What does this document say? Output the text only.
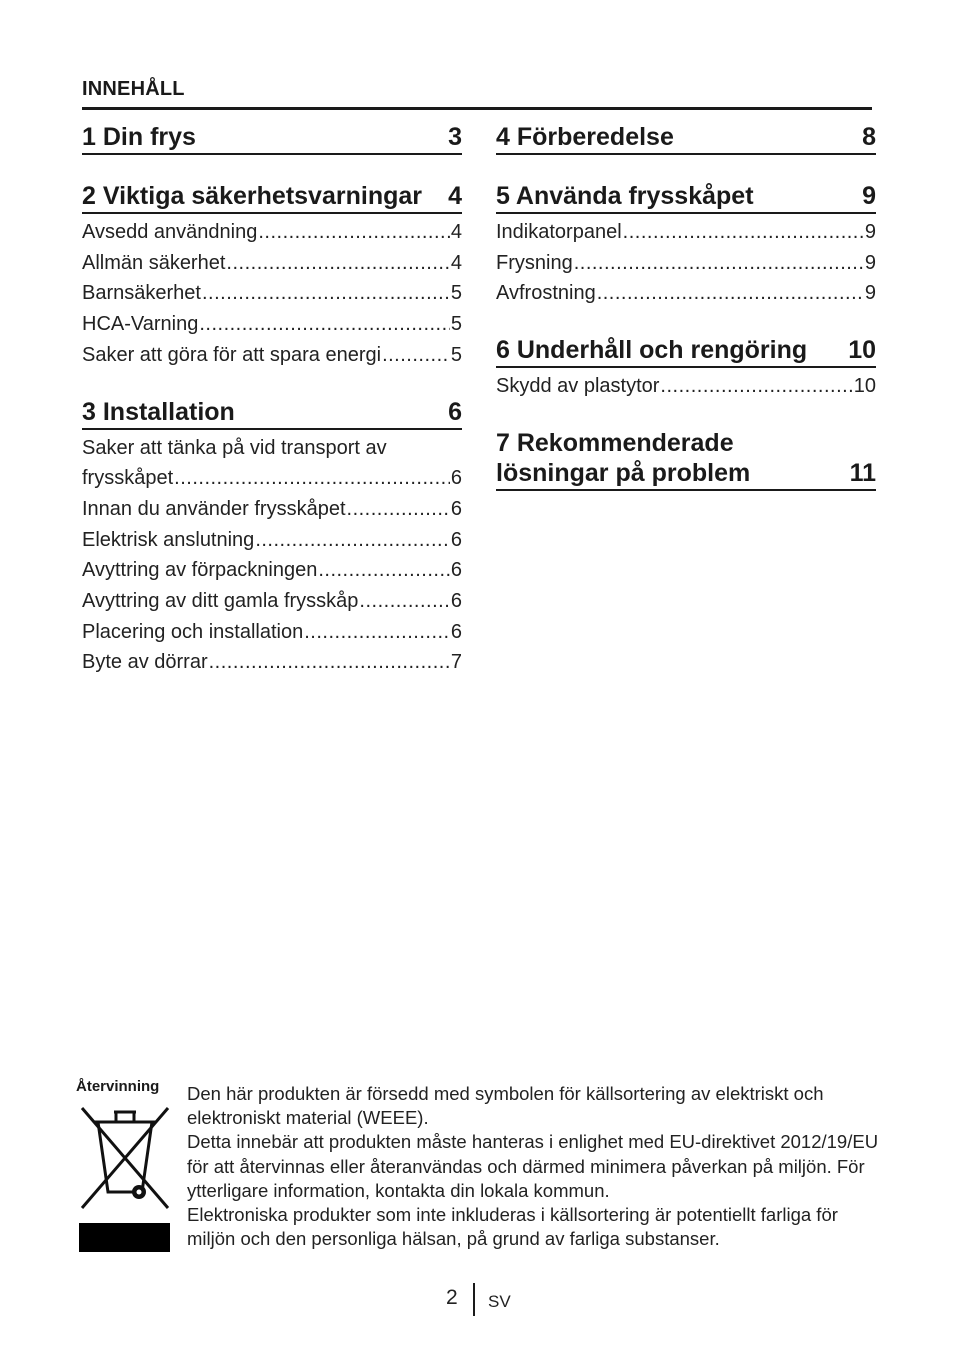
INNEHÅLL
1 Din frys	3
2 Viktiga säkerhetsvarningar	4
Avsedd användning .....	4
Allmän säkerhet .....	4
Barnsäkerhet .....	5
HCA-Varning .....	5
Saker att göra för att spara energi .....	5
3 Installation	6
Saker att tänka på vid transport av
frysskåpet .....	6
Innan du använder frysskåpet .....	6
Elektrisk anslutning .....	6
Avyttring av förpackningen .....	6
Avyttring av ditt gamla frysskåp .....	6
Placering och installation .....	6
Byte av dörrar .....	7
4 Förberedelse	8
5 Använda frysskåpet	9
Indikatorpanel .....	9
Frysning .....	9
Avfrostning .....	9
6 Underhåll och rengöring	10
Skydd av plastytor .....	10
7 Rekommenderade
lösningar på problem	11
Återvinning Den här produkten är försedd med symbolen för källsortering av elektriskt och elektroniskt material (WEEE).

Detta innebär att produkten måste hanteras i enlighet med EU-direktivet 2012/19/EU för att återvinnas eller återanvändas och därmed minimera påverkan på miljön. För ytterligare information, kontakta din lokala kommun.

Elektroniska produkter som inte inkluderas i källsortering är potentiellt farliga för miljön och den personliga hälsan, på grund av farliga substanser.

2 SV
